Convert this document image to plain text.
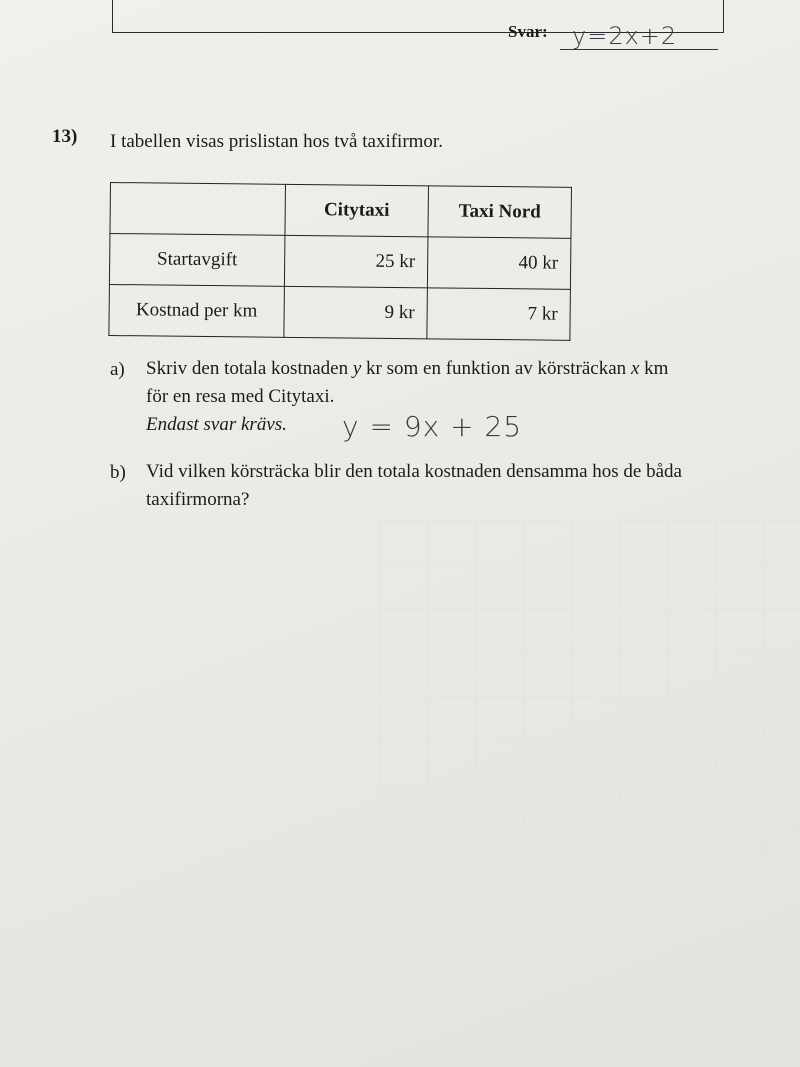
Svar: y=2x+2
13) I tabellen visas prislistan hos två taxifirmor.
	Citytaxi	Taxi Nord
Startavgift	25 kr	40 kr
Kostnad per km	9 kr	7 kr
a) Skriv den totala kostnaden y kr som en funktion av körsträckan x km
för en resa med Citytaxi.
Endast svar krävs.	y = 9x + 25
b) Vid vilken körsträcka blir den totala kostnaden densamma hos de båda
taxifirmorna?
